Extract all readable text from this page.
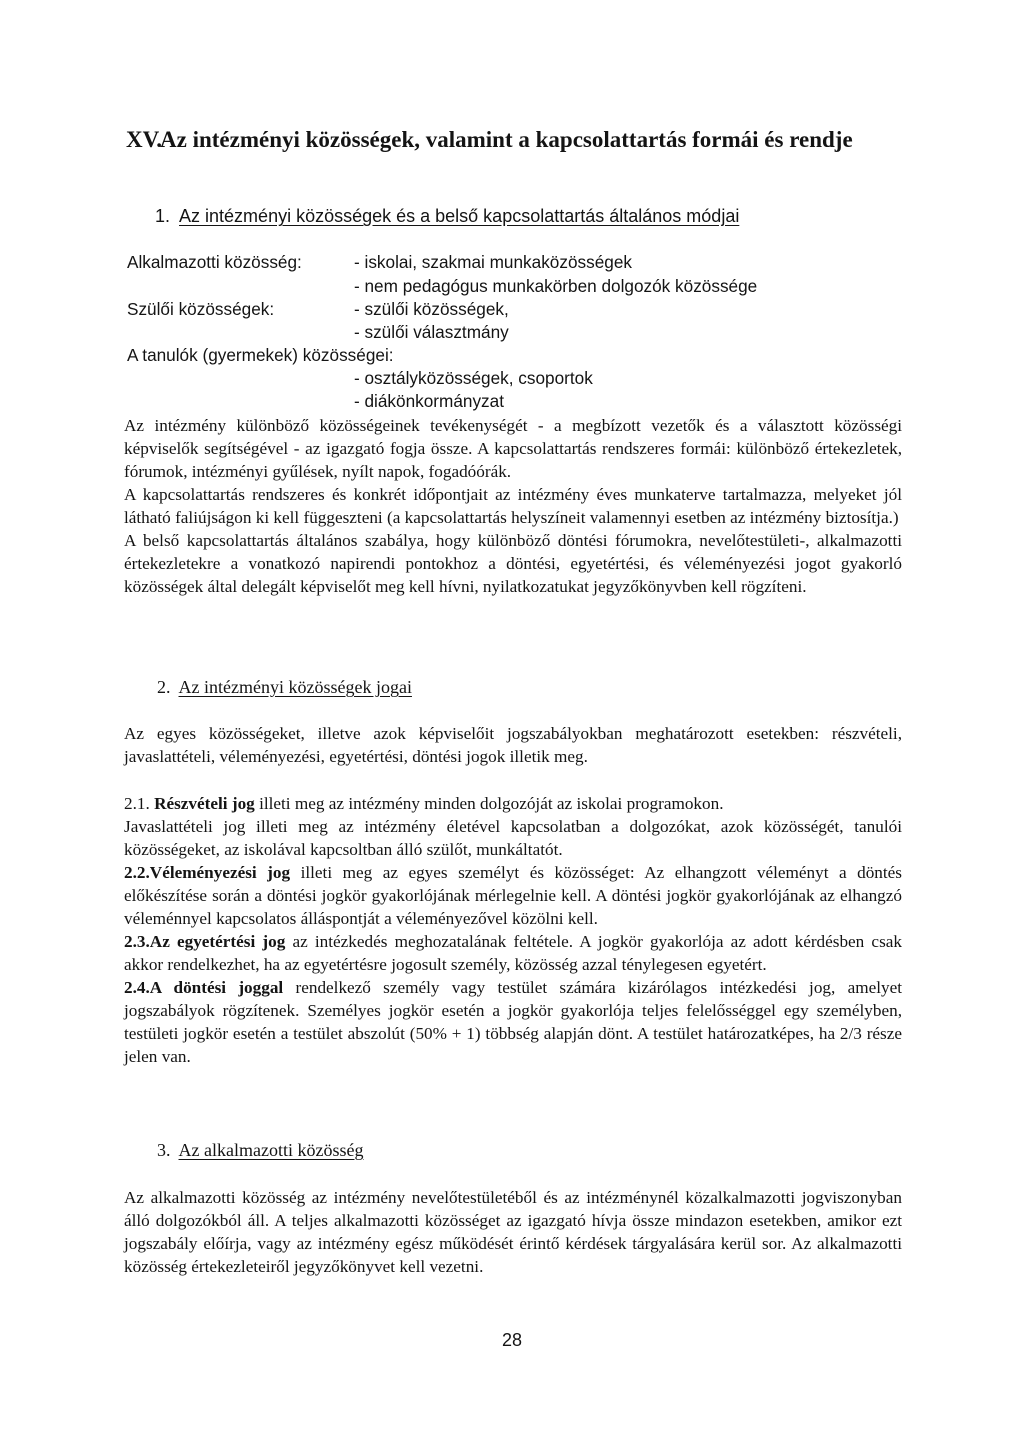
XV.Az intézményi közösségek, valamint a kapcsolattartás formái és rendje
1. Az intézményi közösségek és a belső kapcsolattartás általános módjai
Alkalmazotti közösség:	- iskolai, szakmai munkaközösségek
- nem pedagógus munkakörben dolgozók közössége
Szülői közösségek:	- szülői közösségek,
- szülői választmány
A tanulók (gyermekek) közösségei:
- osztályközösségek, csoportok
- diákönkormányzat

Az intézmény különböző közösségeinek tevékenységét - a megbízott vezetők és a választott közösségi képviselők segítségével - az igazgató fogja össze. A kapcsolattartás rendszeres formái: különböző értekezletek, fórumok, intézményi gyűlések, nyílt napok, fogadóórák.

A kapcsolattartás rendszeres és konkrét időpontjait az intézmény éves munkaterve tartalmazza, melyeket jól látható faliújságon ki kell függeszteni (a kapcsolattartás helyszíneit valamennyi esetben az intézmény biztosítja.)

A belső kapcsolattartás általános szabálya, hogy különböző döntési fórumokra, nevelőtestületi-, alkalmazotti értekezletekre a vonatkozó napirendi pontokhoz a döntési, egyetértési, és véleményezési jogot gyakorló közösségek által delegált képviselőt meg kell hívni, nyilatkozatukat jegyzőkönyvben kell rögzíteni.

2. Az intézményi közösségek jogai

Az egyes közösségeket, illetve azok képviselőit jogszabályokban meghatározott esetekben: részvételi, javaslattételi, véleményezési, egyetértési, döntési jogok illetik meg.

2.1. Részvételi jog illeti meg az intézmény minden dolgozóját az iskolai programokon.

Javaslattételi jog illeti meg az intézmény életével kapcsolatban a dolgozókat, azok közösségét, tanulói közösségeket, az iskolával kapcsoltban álló szülőt, munkáltatót.

2.2.Véleményezési jog illeti meg az egyes személyt és közösséget: Az elhangzott véleményt a döntés előkészítése során a döntési jogkör gyakorlójának mérlegelnie kell. A döntési jogkör gyakorlójának az elhangzó véleménnyel kapcsolatos álláspontját a véleményezővel közölni kell.

2.3.Az egyetértési jog az intézkedés meghozatalának feltétele. A jogkör gyakorlója az adott kérdésben csak akkor rendelkezhet, ha az egyetértésre jogosult személy, közösség azzal ténylegesen egyetért.

2.4.A döntési joggal rendelkező személy vagy testület számára kizárólagos intézkedési jog, amelyet jogszabályok rögzítenek. Személyes jogkör esetén a jogkör gyakorlója teljes felelősséggel egy személyben, testületi jogkör esetén a testület abszolút (50% + 1) többség alapján dönt. A testület határozatképes, ha 2/3 része jelen van.

3. Az alkalmazotti közösség

Az alkalmazotti közösség az intézmény nevelőtestületéből és az intézménynél közalkalmazotti jogviszonyban álló dolgozókból áll. A teljes alkalmazotti közösséget az igazgató hívja össze mindazon esetekben, amikor ezt jogszabály előírja, vagy az intézmény egész működését érintő kérdések tárgyalására kerül sor. Az alkalmazotti közösség értekezleteiről jegyzőkönyvet kell vezetni.

28
